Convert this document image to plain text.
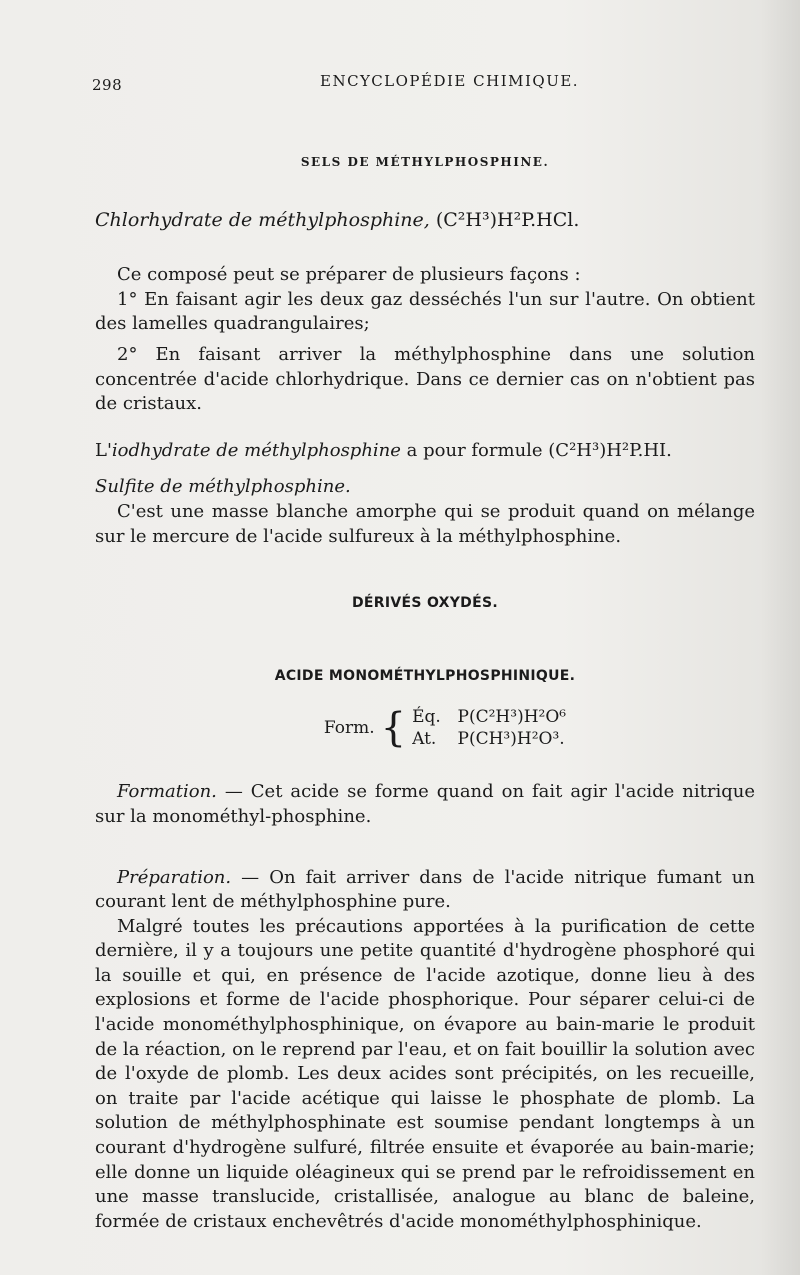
298	ENCYCLOPÉDIE CHIMIQUE.
SELS DE MÉTHYLPHOSPHINE.
Chlorhydrate de méthylphosphine, (C²H³)H²P.HCl.

Ce composé peut se préparer de plusieurs façons :

1° En faisant agir les deux gaz desséchés l'un sur l'autre. On obtient des lamelles quadrangulaires;

2° En faisant arriver la méthylphosphine dans une solution concentrée d'acide chlorhydrique. Dans ce dernier cas on n'obtient pas de cristaux.

L'iodhydrate de méthylphosphine a pour formule (C²H³)H²P.HI.

Sulfite de méthylphosphine.

C'est une masse blanche amorphe qui se produit quand on mélange sur le mercure de l'acide sulfureux à la méthylphosphine.

DÉRIVÉS OXYDÉS.

ACIDE MONOMÉTHYLPHOSPHINIQUE.

Form. { Éq. P(C²H³)H²O⁶
At. P(CH³)H²O³.

Formation. — Cet acide se forme quand on fait agir l'acide nitrique sur la monométhyl-phosphine.

Préparation. — On fait arriver dans de l'acide nitrique fumant un courant lent de méthylphosphine pure.

Malgré toutes les précautions apportées à la purification de cette dernière, il y a toujours une petite quantité d'hydrogène phosphoré qui la souille et qui, en présence de l'acide azotique, donne lieu à des explosions et forme de l'acide phosphorique. Pour séparer celui-ci de l'acide monométhylphosphinique, on évapore au bain-marie le produit de la réaction, on le reprend par l'eau, et on fait bouillir la solution avec de l'oxyde de plomb. Les deux acides sont précipités, on les recueille, on traite par l'acide acétique qui laisse le phosphate de plomb. La solution de méthylphosphinate est soumise pendant longtemps à un courant d'hydrogène sulfuré, filtrée ensuite et évaporée au bain-marie; elle donne un liquide oléagineux qui se prend par le refroidissement en une masse translucide, cristallisée, analogue au blanc de baleine, formée de cristaux enchevêtrés d'acide monométhylphosphinique.
